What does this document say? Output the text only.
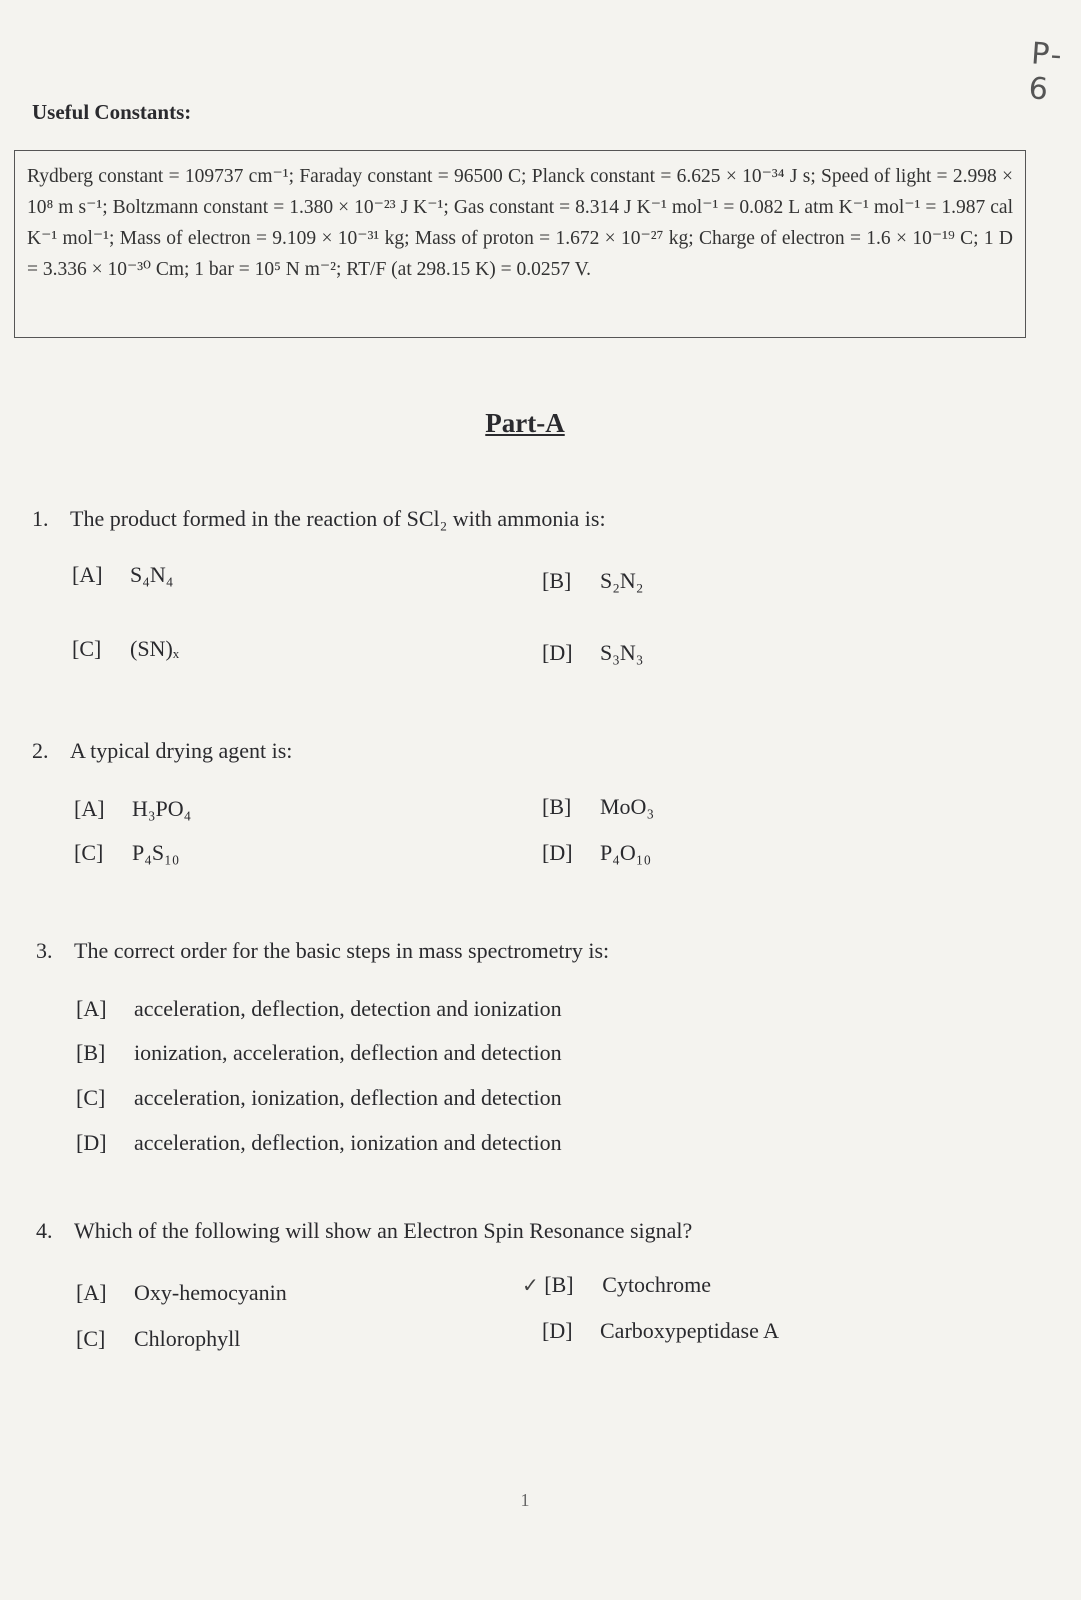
P-6
Useful Constants:
Rydberg constant = 109737 cm⁻¹; Faraday constant = 96500 C; Planck constant = 6.625 × 10⁻³⁴ J s; Speed of light = 2.998 × 10⁸ m s⁻¹; Boltzmann constant = 1.380 × 10⁻²³ J K⁻¹; Gas constant = 8.314 J K⁻¹ mol⁻¹ = 0.082 L atm K⁻¹ mol⁻¹ = 1.987 cal K⁻¹ mol⁻¹; Mass of electron = 9.109 × 10⁻³¹ kg; Mass of proton = 1.672 × 10⁻²⁷ kg; Charge of electron = 1.6 × 10⁻¹⁹ C; 1 D = 3.336 × 10⁻³⁰ Cm; 1 bar = 10⁵ N m⁻²; RT/F (at 298.15 K) = 0.0257 V.
Part-A
1. The product formed in the reaction of SCl₂ with ammonia is:
[A] S₄N₄	[B] S₂N₂
[C] (SN)ₓ	[D] S₃N₃
2. A typical drying agent is:
[A] H₃PO₄	[B] MoO₃
[C] P₄S₁₀	[D] P₄O₁₀
3. The correct order for the basic steps in mass spectrometry is:
[A] acceleration, deflection, detection and ionization
[B] ionization, acceleration, deflection and detection
[C] acceleration, ionization, deflection and detection
[D] acceleration, deflection, ionization and detection
4. Which of the following will show an Electron Spin Resonance signal?
[A] Oxy-hemocyanin	✓ [B] Cytochrome
[C] Chlorophyll	[D] Carboxypeptidase A
1
